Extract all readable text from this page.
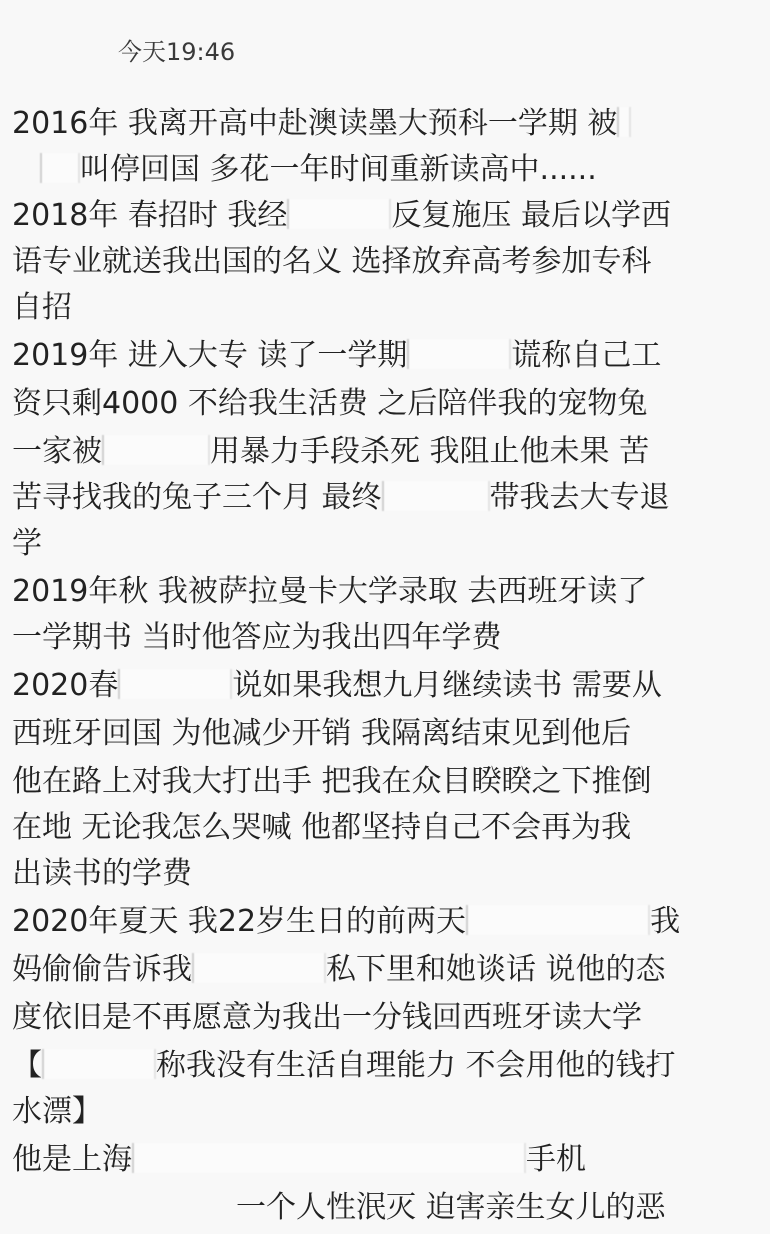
今天19:46
2016年 我离开高中赴澳读墨大预科一学期 被
叫停回国 多花一年时间重新读高中......
2018年 春招时 我经	反复施压 最后以学西
语专业就送我出国的名义 选择放弃高考参加专科
自招
2019年 进入大专 读了一学期	谎称自己工
资只剩4000 不给我生活费 之后陪伴我的宠物兔
一家被	用暴力手段杀死 我阻止他未果 苦
苦寻找我的兔子三个月 最终	带我去大专退
学
2019年秋 我被萨拉曼卡大学录取 去西班牙读了
一学期书 当时他答应为我出四年学费
2020春	说如果我想九月继续读书 需要从
西班牙回国 为他减少开销 我隔离结束见到他后
他在路上对我大打出手 把我在众目睽睽之下推倒
在地 无论我怎么哭喊 他都坚持自己不会再为我
出读书的学费
2020年夏天 我22岁生日的前两天	我
妈偷偷告诉我	私下里和她谈话 说他的态
度依旧是不再愿意为我出一分钱回西班牙读大学
【	称我没有生活自理能力 不会用他的钱打
水漂】
他是上海	手机
一个人性泯灭 迫害亲生女儿的恶
